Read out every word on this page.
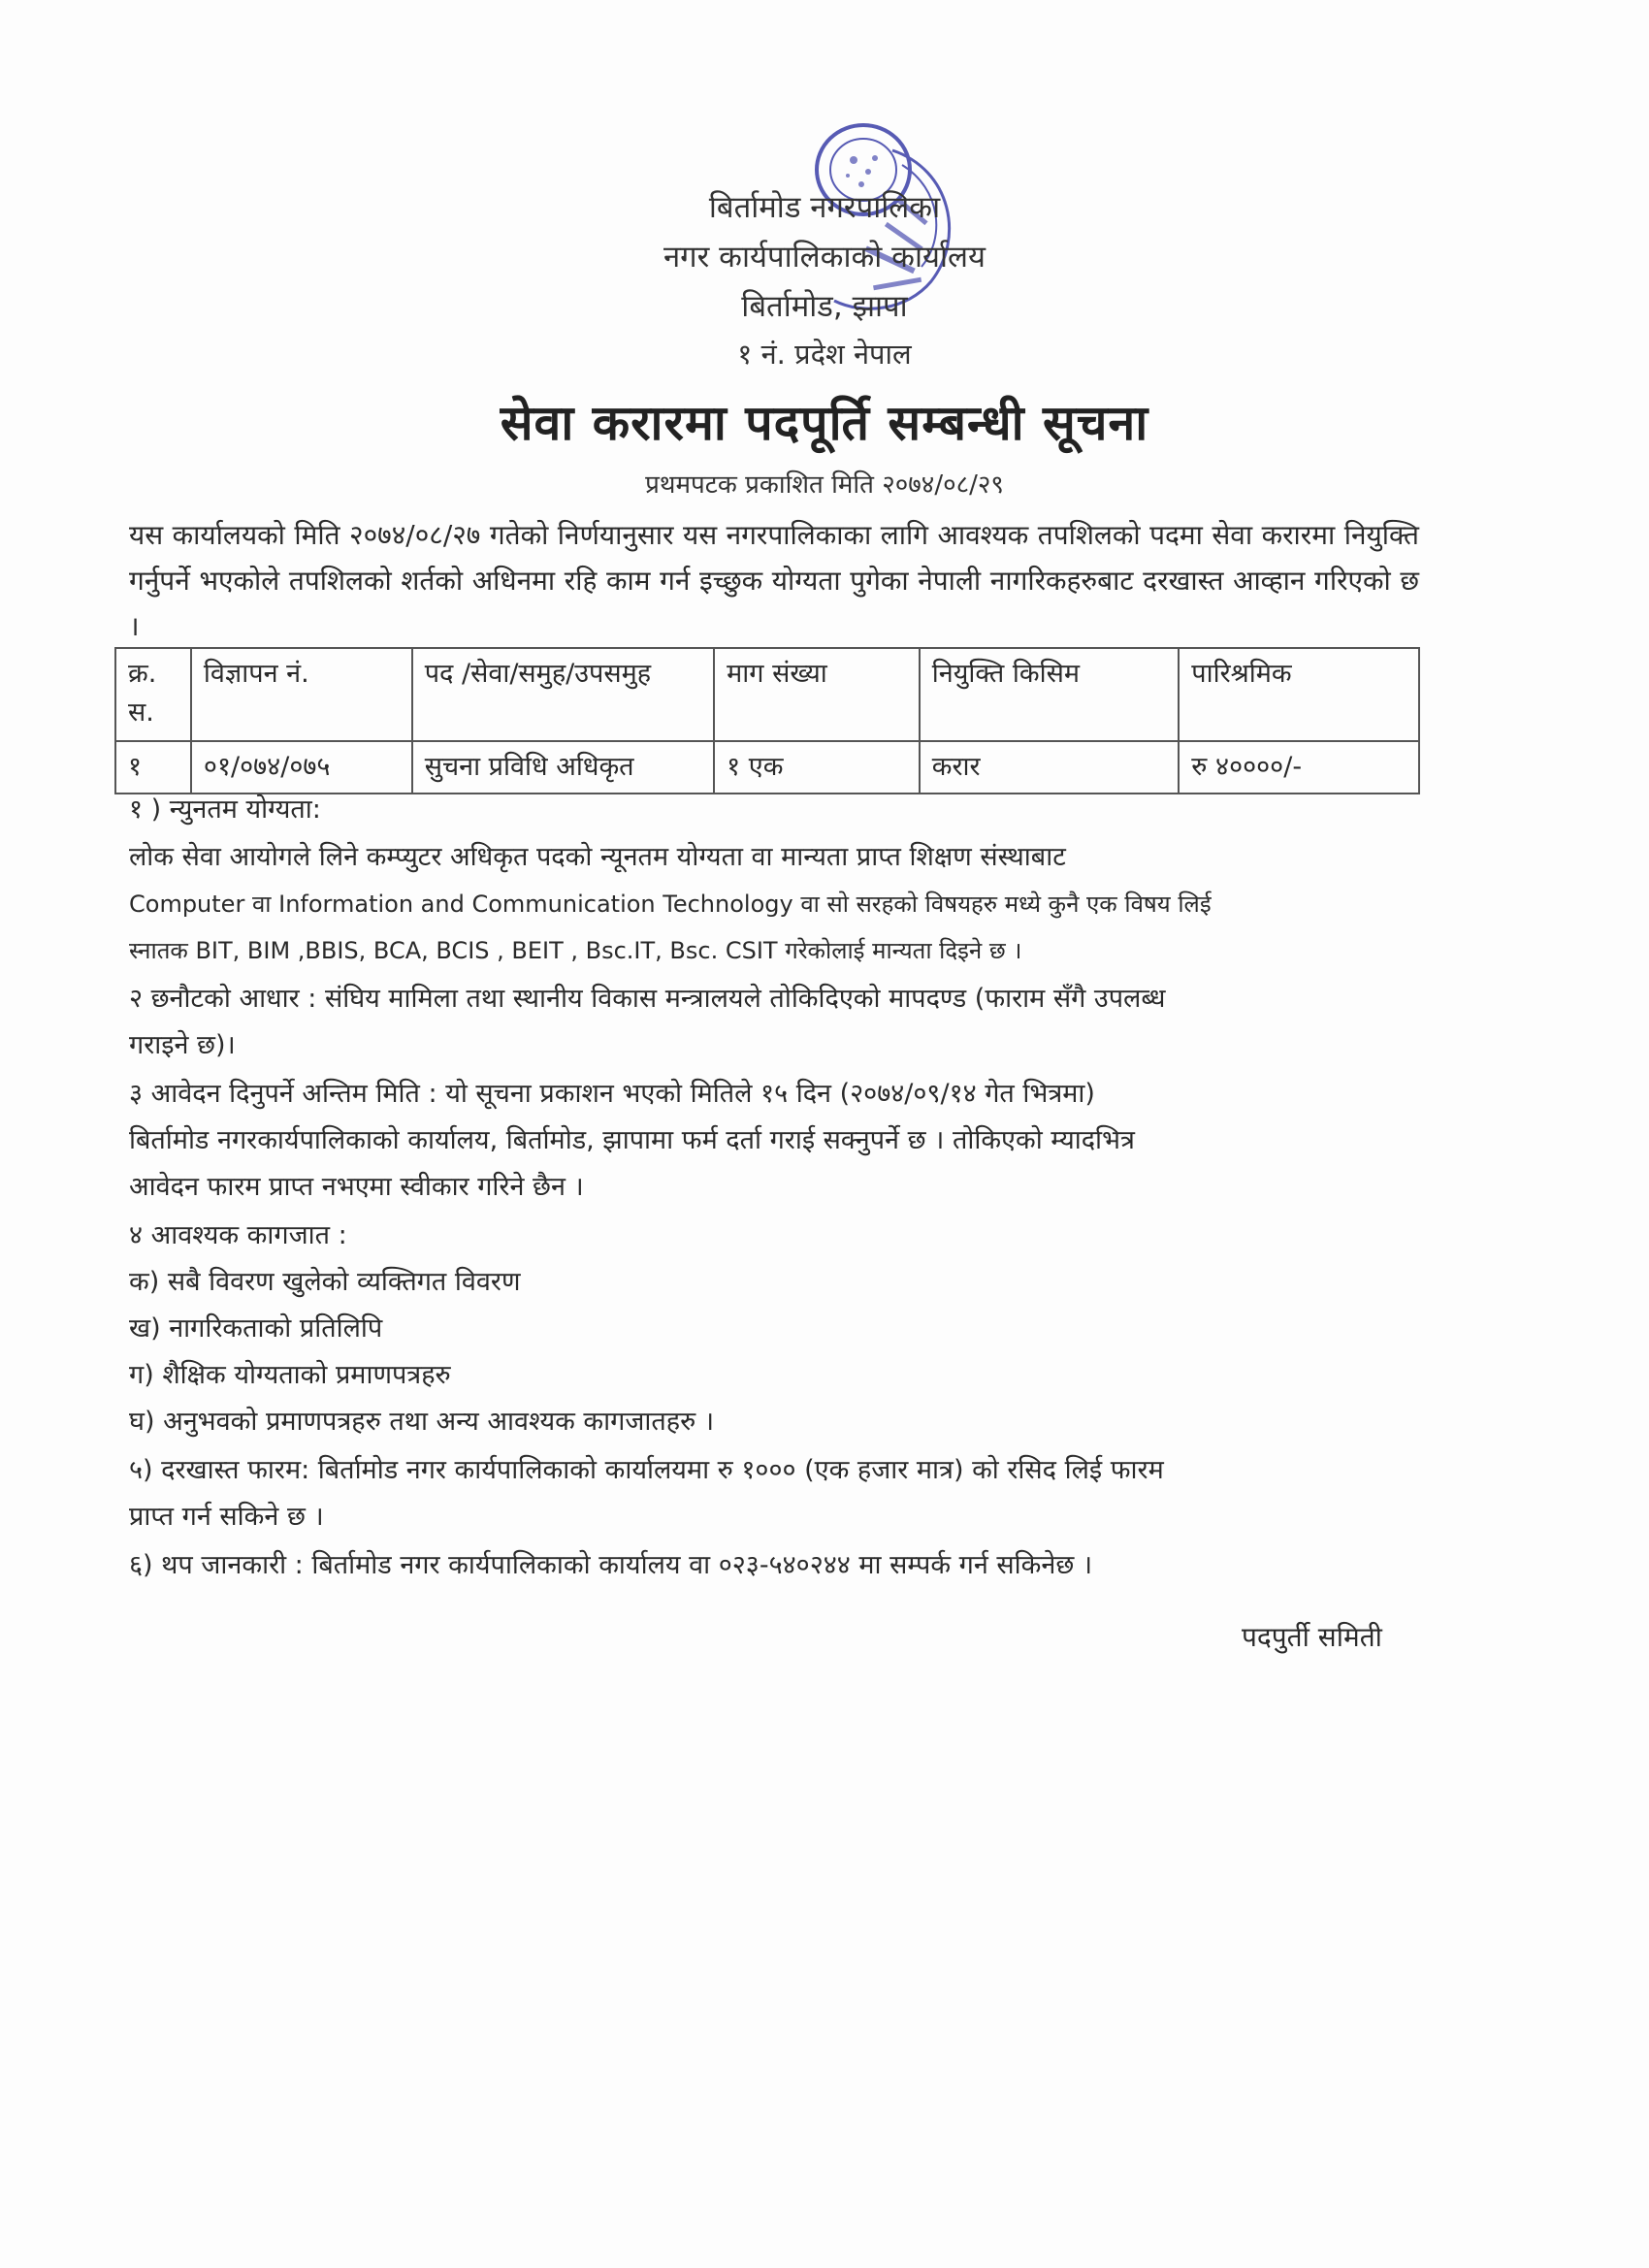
बिर्तामोड नगरपालिका
नगर कार्यपालिकाको कार्यालय
बिर्तामोड, झापा
१ नं. प्रदेश नेपाल
सेवा करारमा पदपूर्ति सम्बन्धी सूचना
प्रथमपटक प्रकाशित मिति २०७४/०८/२९
यस कार्यालयको मिति २०७४/०८/२७ गतेको निर्णयानुसार यस नगरपालिकाका लागि आवश्यक तपशिलको पदमा सेवा करारमा नियुक्ति गर्नुपर्ने भएकोले तपशिलको शर्तको अधिनमा रहि काम गर्न इच्छुक योग्यता पुगेका नेपाली नागरिकहरुबाट दरखास्त आव्हान गरिएको छ ।
क्र. स.	विज्ञापन नं.	पद /सेवा/समुह/उपसमुह	माग संख्या	नियुक्ति किसिम	पारिश्रमिक
१	०१/०७४/०७५	सुचना प्रविधि अधिकृत	१ एक	करार	रु ४००००/-
१ ) न्युनतम योग्यता:
लोक सेवा आयोगले लिने कम्प्युटर अधिकृत पदको न्यूनतम योग्यता वा मान्यता प्राप्त शिक्षण संस्थाबाट
Computer वा Information and Communication Technology वा सो सरहको विषयहरु मध्ये कुनै एक विषय लिई
स्नातक BIT, BIM ,BBIS, BCA, BCIS , BEIT , Bsc.IT, Bsc. CSIT गरेकोलाई मान्यता दिइने छ ।
२ छनौटको आधार : संघिय मामिला तथा स्थानीय विकास मन्त्रालयले तोकिदिएको मापदण्ड (फाराम सँगै उपलब्ध
गराइने छ)।
३ आवेदन दिनुपर्ने अन्तिम मिति : यो सूचना प्रकाशन भएको मितिले १५ दिन (२०७४/०९/१४ गेत भित्रमा)
बिर्तामोड नगरकार्यपालिकाको कार्यालय, बिर्तामोड, झापामा फर्म दर्ता गराई सक्नुपर्ने छ । तोकिएको म्यादभित्र
आवेदन फारम प्राप्त नभएमा स्वीकार गरिने छैन ।
४ आवश्यक कागजात :
क) सबै विवरण खुलेको व्यक्तिगत विवरण
ख) नागरिकताको प्रतिलिपि
ग) शैक्षिक योग्यताको प्रमाणपत्रहरु
घ) अनुभवको प्रमाणपत्रहरु तथा अन्य आवश्यक कागजातहरु ।
५) दरखास्त फारम: बिर्तामोड नगर कार्यपालिकाको कार्यालयमा रु १००० (एक हजार मात्र) को रसिद लिई फारम
प्राप्त गर्न सकिने छ ।
६) थप जानकारी : बिर्तामोड नगर कार्यपालिकाको कार्यालय वा ०२३-५४०२४४ मा सम्पर्क गर्न सकिनेछ ।
पदपुर्ती समिती
